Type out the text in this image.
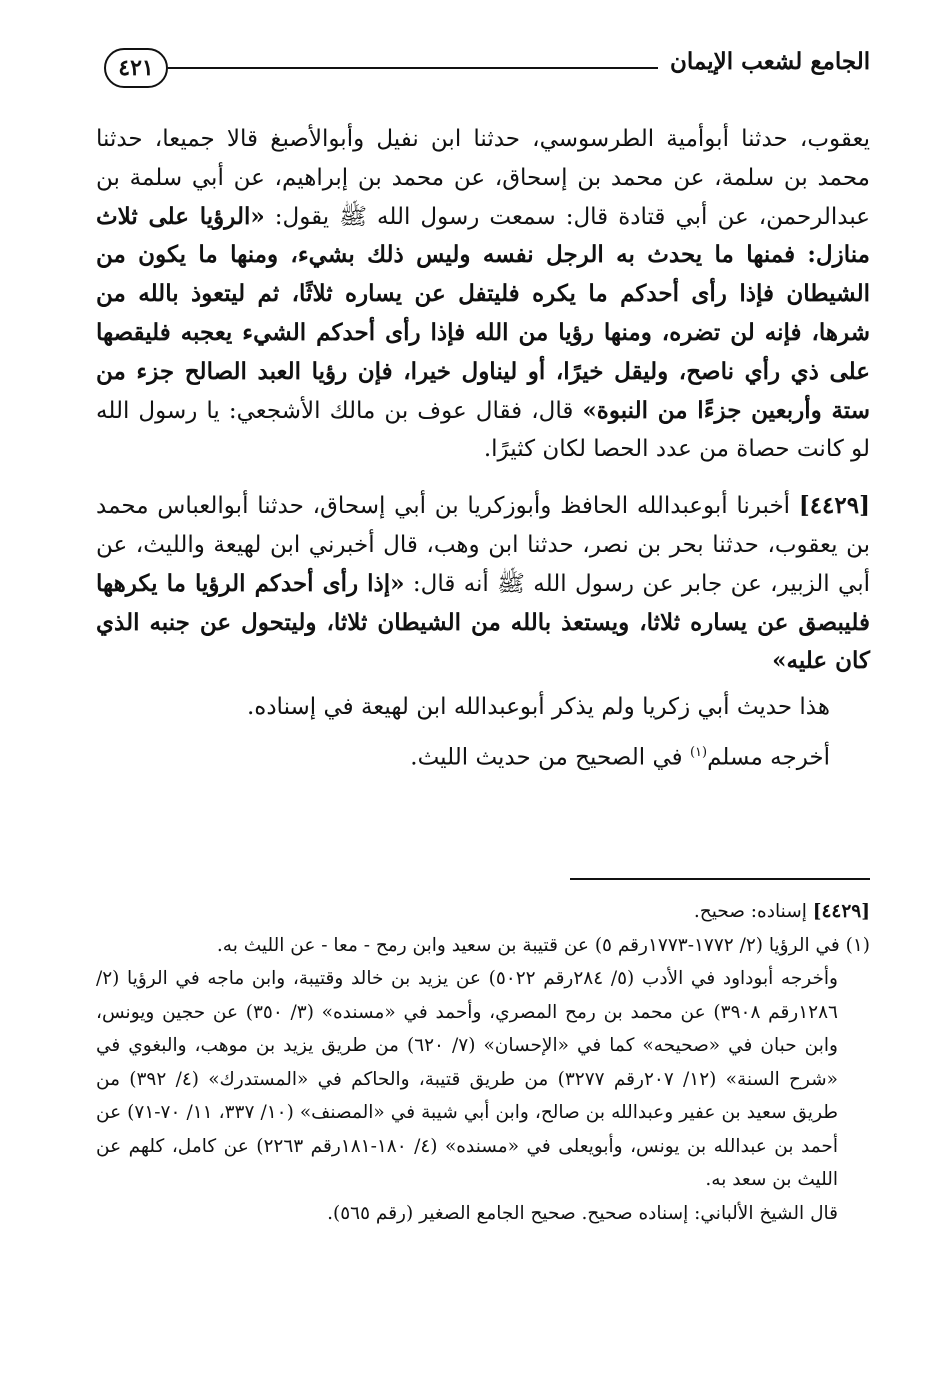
٤٢١	الجامع لشعب الإيمان

يعقوب، حدثنا أبوأمية الطرسوسي، حدثنا ابن نفيل وأبوالأصبغ قالا جميعا، حدثنا محمد بن سلمة، عن محمد بن إسحاق، عن محمد بن إبراهيم، عن أبي سلمة بن عبدالرحمن، عن أبي قتادة قال: سمعت رسول الله ﷺ يقول: «الرؤيا على ثلاث منازل: فمنها ما يحدث به الرجل نفسه وليس ذلك بشيء، ومنها ما يكون من الشيطان فإذا رأى أحدكم ما يكره فليتفل عن يساره ثلاثًا، ثم ليتعوذ بالله من شرها، فإنه لن تضره، ومنها رؤيا من الله فإذا رأى أحدكم الشيء يعجبه فليقصها على ذي رأي ناصح، وليقل خيرًا، أو ليناول خيرا، فإن رؤيا العبد الصالح جزء من ستة وأربعين جزءًا من النبوة» قال، فقال عوف بن مالك الأشجعي: يا رسول الله لو كانت حصاة من عدد الحصا لكان كثيرًا.

[٤٤٢٩] أخبرنا أبوعبدالله الحافظ وأبوزكريا بن أبي إسحاق، حدثنا أبوالعباس محمد بن يعقوب، حدثنا بحر بن نصر، حدثنا ابن وهب، قال أخبرني ابن لهيعة والليث، عن أبي الزبير، عن جابر عن رسول الله ﷺ أنه قال: «إذا رأى أحدكم الرؤيا ما يكرهها فليبصق عن يساره ثلاثا، ويستعذ بالله من الشيطان ثلاثا، وليتحول عن جنبه الذي كان عليه»

هذا حديث أبي زكريا ولم يذكر أبوعبدالله ابن لهيعة في إسناده.

أخرجه مسلم$^{(١)}$ في الصحيح من حديث الليث.

[٤٤٢٩] إسناده: صحيح.

(١) في الرؤيا (٢/ ١٧٧٢-١٧٧٣رقم ٥) عن قتيبة بن سعيد وابن رمح - معا - عن الليث به.

وأخرجه أبوداود في الأدب (٥/ ٢٨٤رقم ٥٠٢٢) عن يزيد بن خالد وقتيبة، وابن ماجه في الرؤيا (٢/ ١٢٨٦رقم ٣٩٠٨) عن محمد بن رمح المصري، وأحمد في «مسنده» (٣/ ٣٥٠) عن حجين ويونس، وابن حبان في «صحيحه» كما في «الإحسان» (٧/ ٦٢٠) من طريق يزيد بن موهب، والبغوي في «شرح السنة» (١٢/ ٢٠٧رقم ٣٢٧٧) من طريق قتيبة، والحاكم في «المستدرك» (٤/ ٣٩٢) من طريق سعيد بن عفير وعبدالله بن صالح، وابن أبي شيبة في «المصنف» (١٠/ ٣٣٧، ١١/ ٧٠-٧١) عن أحمد بن عبدالله بن يونس، وأبويعلى في «مسنده» (٤/ ١٨٠-١٨١رقم ٢٢٦٣) عن كامل، كلهم عن الليث بن سعد به.

قال الشيخ الألباني: إسناده صحيح. صحيح الجامع الصغير (رقم ٥٦٥).
